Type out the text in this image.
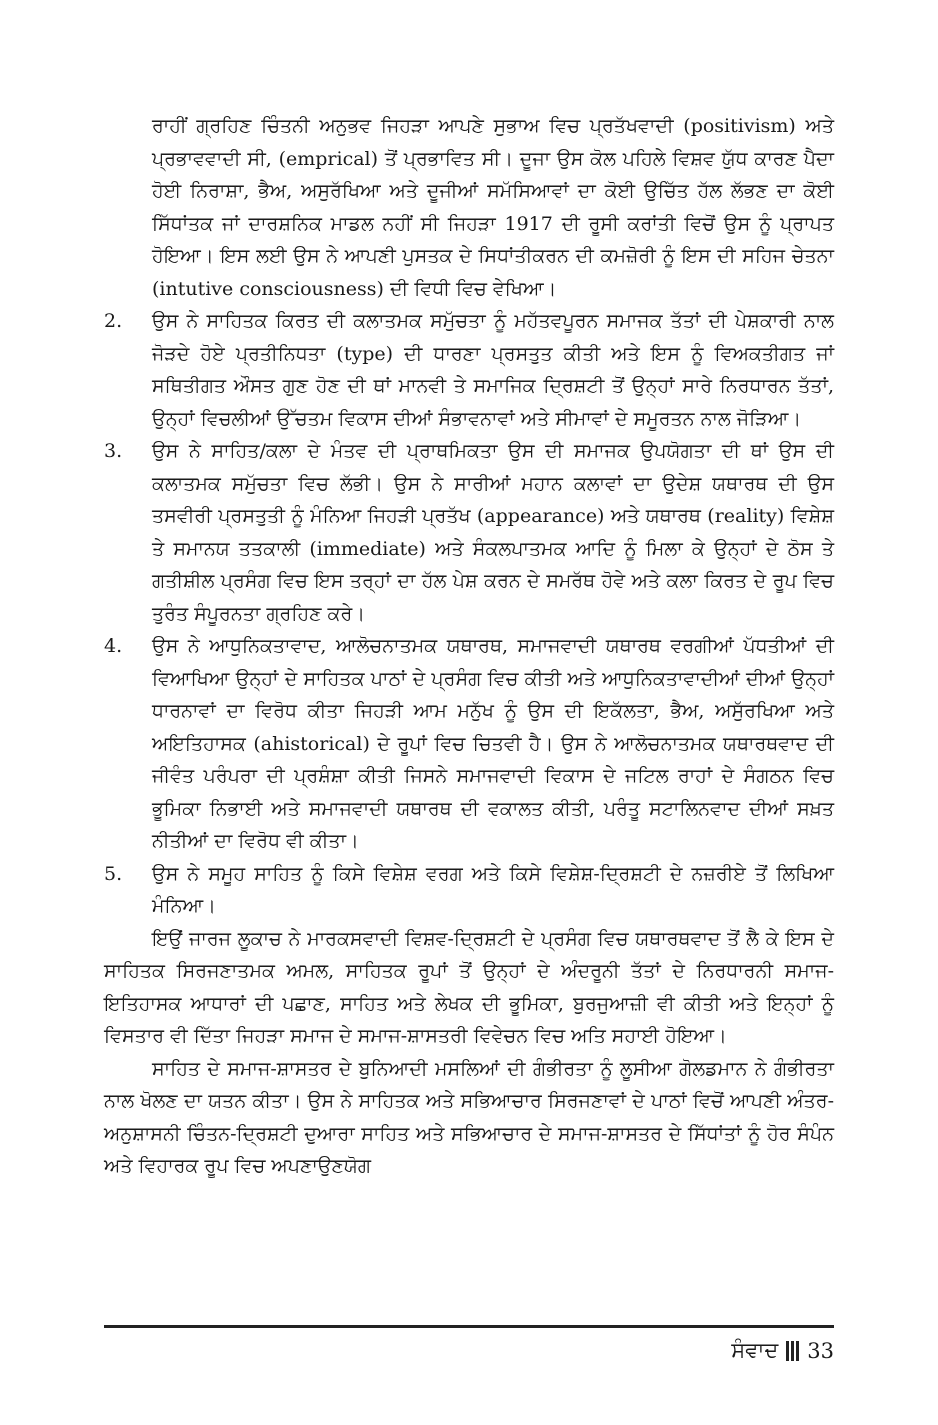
ਰਾਹੀਂ ਗ੍ਰਹਿਣ ਚਿੰਤਨੀ ਅਨੁਭਵ ਜਿਹੜਾ ਆਪਣੇ ਸੁਭਾਅ ਵਿਚ ਪ੍ਰਤੱਖਵਾਦੀ (positivism) ਅਤੇ ਪ੍ਰਭਾਵਵਾਦੀ ਸੀ, (emprical) ਤੋਂ ਪ੍ਰਭਾਵਿਤ ਸੀ। ਦੂਜਾ ਉਸ ਕੋਲ ਪਹਿਲੇ ਵਿਸ਼ਵ ਯੁੱਧ ਕਾਰਣ ਪੈਦਾ ਹੋਈ ਨਿਰਾਸ਼ਾ, ਭੈਅ, ਅਸੁਰੱਖਿਆ ਅਤੇ ਦੂਜੀਆਂ ਸਮੱਸਿਆਵਾਂ ਦਾ ਕੋਈ ਉਚਿੱਤ ਹੱਲ ਲੱਭਣ ਦਾ ਕੋਈ ਸਿੱਧਾਂਤਕ ਜਾਂ ਦਾਰਸ਼ਨਿਕ ਮਾਡਲ ਨਹੀਂ ਸੀ ਜਿਹੜਾ 1917 ਦੀ ਰੂਸੀ ਕਰਾਂਤੀ ਵਿਚੋਂ ਉਸ ਨੂੰ ਪ੍ਰਾਪਤ ਹੋਇਆ। ਇਸ ਲਈ ਉਸ ਨੇ ਆਪਣੀ ਪੁਸਤਕ ਦੇ ਸਿਧਾਂਤੀਕਰਨ ਦੀ ਕਮਜ਼ੋਰੀ ਨੂੰ ਇਸ ਦੀ ਸਹਿਜ ਚੇਤਨਾ (intutive consciousness) ਦੀ ਵਿਧੀ ਵਿਚ ਵੇਖਿਆ।

2.	ਉਸ ਨੇ ਸਾਹਿਤਕ ਕਿਰਤ ਦੀ ਕਲਾਤਮਕ ਸਮੁੱਚਤਾ ਨੂੰ ਮਹੱਤਵਪੂਰਨ ਸਮਾਜਕ ਤੱਤਾਂ ਦੀ ਪੇਸ਼ਕਾਰੀ ਨਾਲ ਜੋੜਦੇ ਹੋਏ ਪ੍ਰਤੀਨਿਧਤਾ (type) ਦੀ ਧਾਰਣਾ ਪ੍ਰਸਤੁਤ ਕੀਤੀ ਅਤੇ ਇਸ ਨੂੰ ਵਿਅਕਤੀਗਤ ਜਾਂ ਸਥਿਤੀਗਤ ਔਸਤ ਗੁਣ ਹੋਣ ਦੀ ਥਾਂ ਮਾਨਵੀ ਤੇ ਸਮਾਜਿਕ ਦ੍ਰਿਸ਼ਟੀ ਤੋਂ ਉਨ੍ਹਾਂ ਸਾਰੇ ਨਿਰਧਾਰਨ ਤੱਤਾਂ, ਉਨ੍ਹਾਂ ਵਿਚਲੀਆਂ ਉੱਚਤਮ ਵਿਕਾਸ ਦੀਆਂ ਸੰਭਾਵਨਾਵਾਂ ਅਤੇ ਸੀਮਾਵਾਂ ਦੇ ਸਮੂਰਤਨ ਨਾਲ ਜੋੜਿਆ।

3.	ਉਸ ਨੇ ਸਾਹਿਤ/ਕਲਾ ਦੇ ਮੰਤਵ ਦੀ ਪ੍ਰਾਥਮਿਕਤਾ ਉਸ ਦੀ ਸਮਾਜਕ ਉਪਯੋਗਤਾ ਦੀ ਥਾਂ ਉਸ ਦੀ ਕਲਾਤਮਕ ਸਮੁੱਚਤਾ ਵਿਚ ਲੱਭੀ। ਉਸ ਨੇ ਸਾਰੀਆਂ ਮਹਾਨ ਕਲਾਵਾਂ ਦਾ ਉਦੇਸ਼ ਯਥਾਰਥ ਦੀ ਉਸ ਤਸਵੀਰੀ ਪ੍ਰਸਤੁਤੀ ਨੂੰ ਮੰਨਿਆ ਜਿਹੜੀ ਪ੍ਰਤੱਖ (appearance) ਅਤੇ ਯਥਾਰਥ (reality) ਵਿਸ਼ੇਸ਼ ਤੇ ਸਮਾਨਯ ਤਤਕਾਲੀ (immediate) ਅਤੇ ਸੰਕਲਪਾਤਮਕ ਆਦਿ ਨੂੰ ਮਿਲਾ ਕੇ ਉਨ੍ਹਾਂ ਦੇ ਠੋਸ ਤੇ ਗਤੀਸ਼ੀਲ ਪ੍ਰਸੰਗ ਵਿਚ ਇਸ ਤਰ੍ਹਾਂ ਦਾ ਹੱਲ ਪੇਸ਼ ਕਰਨ ਦੇ ਸਮਰੱਥ ਹੋਵੇ ਅਤੇ ਕਲਾ ਕਿਰਤ ਦੇ ਰੂਪ ਵਿਚ ਤੁਰੰਤ ਸੰਪੂਰਨਤਾ ਗ੍ਰਹਿਣ ਕਰੇ।

4.	ਉਸ ਨੇ ਆਧੁਨਿਕਤਾਵਾਦ, ਆਲੋਚਨਾਤਮਕ ਯਥਾਰਥ, ਸਮਾਜਵਾਦੀ ਯਥਾਰਥ ਵਰਗੀਆਂ ਪੱਧਤੀਆਂ ਦੀ ਵਿਆਖਿਆ ਉਨ੍ਹਾਂ ਦੇ ਸਾਹਿਤਕ ਪਾਠਾਂ ਦੇ ਪ੍ਰਸੰਗ ਵਿਚ ਕੀਤੀ ਅਤੇ ਆਧੁਨਿਕਤਾਵਾਦੀਆਂ ਦੀਆਂ ਉਨ੍ਹਾਂ ਧਾਰਨਾਵਾਂ ਦਾ ਵਿਰੋਧ ਕੀਤਾ ਜਿਹੜੀ ਆਮ ਮਨੁੱਖ ਨੂੰ ਉਸ ਦੀ ਇਕੱਲਤਾ, ਭੈਅ, ਅਸੁੱਰਖਿਆ ਅਤੇ ਅਇਤਿਹਾਸਕ (ahistorical) ਦੇ ਰੂਪਾਂ ਵਿਚ ਚਿਤਵੀ ਹੈ। ਉਸ ਨੇ ਆਲੋਚਨਾਤਮਕ ਯਥਾਰਥਵਾਦ ਦੀ ਜੀਵੰਤ ਪਰੰਪਰਾ ਦੀ ਪ੍ਰਸ਼ੰਸ਼ਾ ਕੀਤੀ ਜਿਸਨੇ ਸਮਾਜਵਾਦੀ ਵਿਕਾਸ ਦੇ ਜਟਿਲ ਰਾਹਾਂ ਦੇ ਸੰਗਠਨ ਵਿਚ ਭੂਮਿਕਾ ਨਿਭਾਈ ਅਤੇ ਸਮਾਜਵਾਦੀ ਯਥਾਰਥ ਦੀ ਵਕਾਲਤ ਕੀਤੀ, ਪਰੰਤੂ ਸਟਾਲਿਨਵਾਦ ਦੀਆਂ ਸਖ਼ਤ ਨੀਤੀਆਂ ਦਾ ਵਿਰੋਧ ਵੀ ਕੀਤਾ।

5.	ਉਸ ਨੇ ਸਮੂਹ ਸਾਹਿਤ ਨੂੰ ਕਿਸੇ ਵਿਸ਼ੇਸ਼ ਵਰਗ ਅਤੇ ਕਿਸੇ ਵਿਸ਼ੇਸ਼-ਦ੍ਰਿਸ਼ਟੀ ਦੇ ਨਜ਼ਰੀਏ ਤੋਂ ਲਿਖਿਆ ਮੰਨਿਆ।

ਇਉਂ ਜਾਰਜ ਲੂਕਾਚ ਨੇ ਮਾਰਕਸਵਾਦੀ ਵਿਸ਼ਵ-ਦ੍ਰਿਸ਼ਟੀ ਦੇ ਪ੍ਰਸੰਗ ਵਿਚ ਯਥਾਰਥਵਾਦ ਤੋਂ ਲੈ ਕੇ ਇਸ ਦੇ ਸਾਹਿਤਕ ਸਿਰਜਣਾਤਮਕ ਅਮਲ, ਸਾਹਿਤਕ ਰੂਪਾਂ ਤੋਂ ਉਨ੍ਹਾਂ ਦੇ ਅੰਦਰੂਨੀ ਤੱਤਾਂ ਦੇ ਨਿਰਧਾਰਨੀ ਸਮਾਜ-ਇਤਿਹਾਸਕ ਆਧਾਰਾਂ ਦੀ ਪਛਾਣ, ਸਾਹਿਤ ਅਤੇ ਲੇਖਕ ਦੀ ਭੂਮਿਕਾ, ਬੁਰਜੁਆਜ਼ੀ ਵੀ ਕੀਤੀ ਅਤੇ ਇਨ੍ਹਾਂ ਨੂੰ ਵਿਸਤਾਰ ਵੀ ਦਿੱਤਾ ਜਿਹੜਾ ਸਮਾਜ ਦੇ ਸਮਾਜ-ਸ਼ਾਸਤਰੀ ਵਿਵੇਚਨ ਵਿਚ ਅਤਿ ਸਹਾਈ ਹੋਇਆ।

ਸਾਹਿਤ ਦੇ ਸਮਾਜ-ਸ਼ਾਸਤਰ ਦੇ ਬੁਨਿਆਦੀ ਮਸਲਿਆਂ ਦੀ ਗੰਭੀਰਤਾ ਨੂੰ ਲੂਸੀਆ ਗੋਲਡਮਾਨ ਨੇ ਗੰਭੀਰਤਾ ਨਾਲ ਖੋਲਣ ਦਾ ਯਤਨ ਕੀਤਾ। ਉਸ ਨੇ ਸਾਹਿਤਕ ਅਤੇ ਸਭਿਆਚਾਰ ਸਿਰਜਣਾਵਾਂ ਦੇ ਪਾਠਾਂ ਵਿਚੋਂ ਆਪਣੀ ਅੰਤਰ-ਅਨੁਸ਼ਾਸਨੀ ਚਿੰਤਨ-ਦ੍ਰਿਸ਼ਟੀ ਦੁਆਰਾ ਸਾਹਿਤ ਅਤੇ ਸਭਿਆਚਾਰ ਦੇ ਸਮਾਜ-ਸ਼ਾਸਤਰ ਦੇ ਸਿੱਧਾਂਤਾਂ ਨੂੰ ਹੋਰ ਸੰਪੰਨ ਅਤੇ ਵਿਹਾਰਕ ਰੂਪ ਵਿਚ ਅਪਣਾਉਣਯੋਗ

ਸੰਵਾਦ 33
